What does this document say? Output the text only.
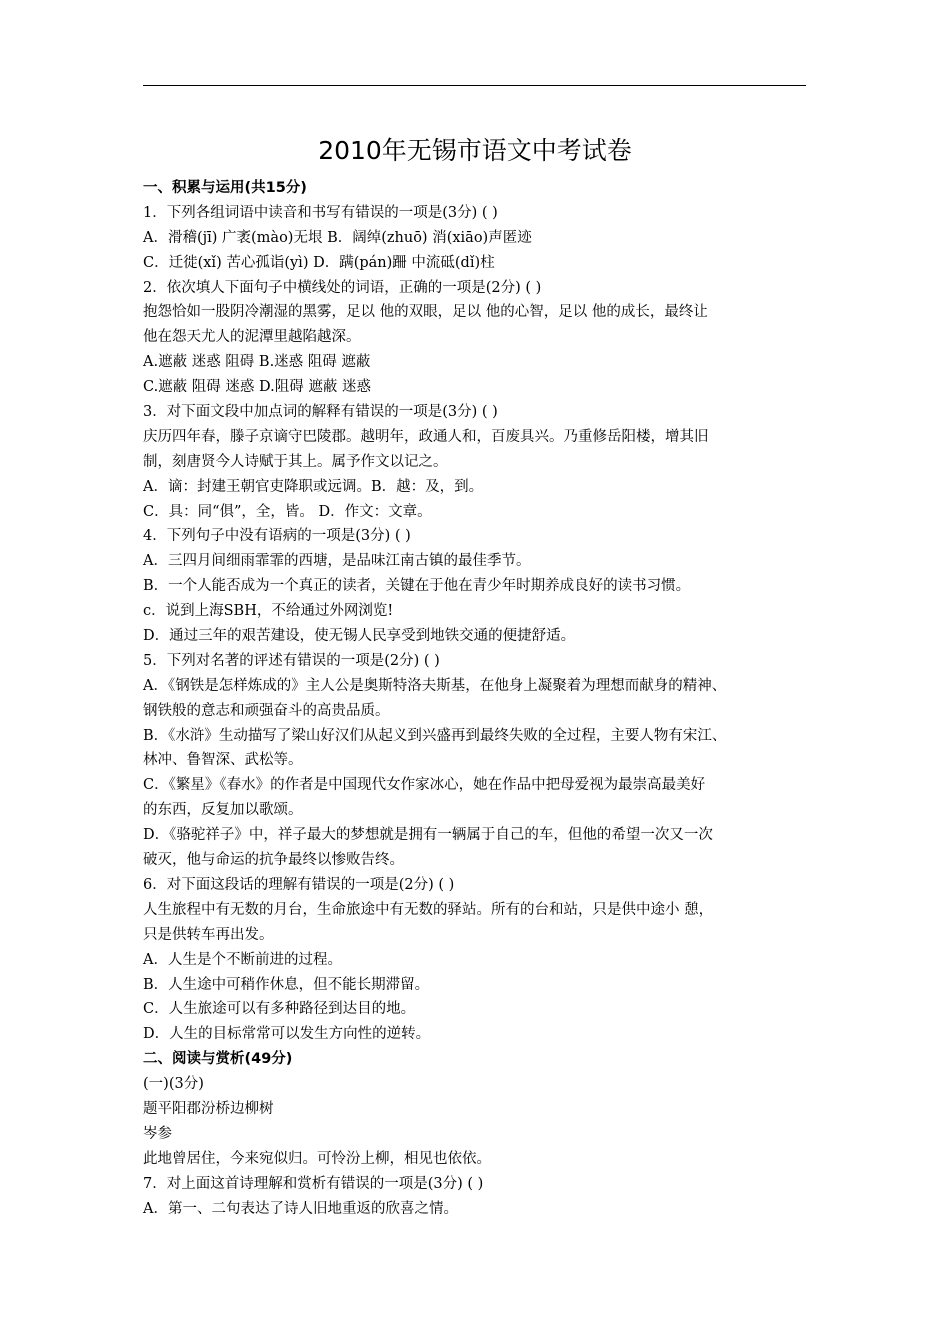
2010年无锡市语文中考试卷
一、积累与运用(共15分)
1．下列各组词语中读音和书写有错误的一项是(3分) ( )
A．滑稽(jī) 广袤(mào)无垠 B．阔绰(zhuō) 消(xiāo)声匿迹
C．迁徙(xǐ) 苦心孤诣(yì) D．蹒(pán)跚 中流砥(dǐ)柱
2．依次填人下面句子中横线处的词语，正确的一项是(2分) ( )
抱怨恰如一股阴冷潮湿的黑雾，足以 他的双眼，足以 他的心智，足以 他的成长，最终让
他在怨天尤人的泥潭里越陷越深。
A.遮蔽 迷惑 阻碍 B.迷惑 阻碍 遮蔽
C.遮蔽 阻碍 迷惑 D.阻碍 遮蔽 迷惑
3．对下面文段中加点词的解释有错误的一项是(3分) ( )
庆历四年春，滕子京谪守巴陵郡。越明年，政通人和，百废具兴。乃重修岳阳楼，增其旧
制，刻唐贤今人诗赋于其上。属予作文以记之。
A．谪：封建王朝官吏降职或远调。B．越：及，到。
C．具：同“俱”，全，皆。 D．作文：文章。
4．下列句子中没有语病的一项是(3分) ( )
A．三四月间细雨霏霏的西塘，是品味江南古镇的最佳季节。
B．一个人能否成为一个真正的读者，关键在于他在青少年时期养成良好的读书习惯。
c．说到上海SBH，不给通过外网浏览!
D．通过三年的艰苦建设，使无锡人民享受到地铁交通的便捷舒适。
5．下列对名著的评述有错误的一项是(2分) ( )
A．《钢铁是怎样炼成的》主人公是奥斯特洛夫斯基，在他身上凝聚着为理想而献身的精神、
钢铁般的意志和顽强奋斗的高贵品质。
B．《水浒》生动描写了梁山好汉们从起义到兴盛再到最终失败的全过程，主要人物有宋江、
林冲、鲁智深、武松等。
C．《繁星》《春水》的作者是中国现代女作家冰心，她在作品中把母爱视为最崇高最美好
的东西，反复加以歌颂。
D．《骆驼祥子》中，祥子最大的梦想就是拥有一辆属于自己的车，但他的希望一次又一次
破灭，他与命运的抗争最终以惨败告终。
6．对下面这段话的理解有错误的一项是(2分) ( )
人生旅程中有无数的月台，生命旅途中有无数的驿站。所有的台和站，只是供中途小 憩，
只是供转车再出发。
A．人生是个不断前进的过程。
B．人生途中可稍作休息，但不能长期滞留。
C．人生旅途可以有多种路径到达目的地。
D．人生的目标常常可以发生方向性的逆转。
二、阅读与赏析(49分)
(一)(3分)
题平阳郡汾桥边柳树
岑参
此地曾居住，今来宛似归。可怜汾上柳，相见也依依。
7．对上面这首诗理解和赏析有错误的一项是(3分) ( )
A．第一、二句表达了诗人旧地重返的欣喜之情。
